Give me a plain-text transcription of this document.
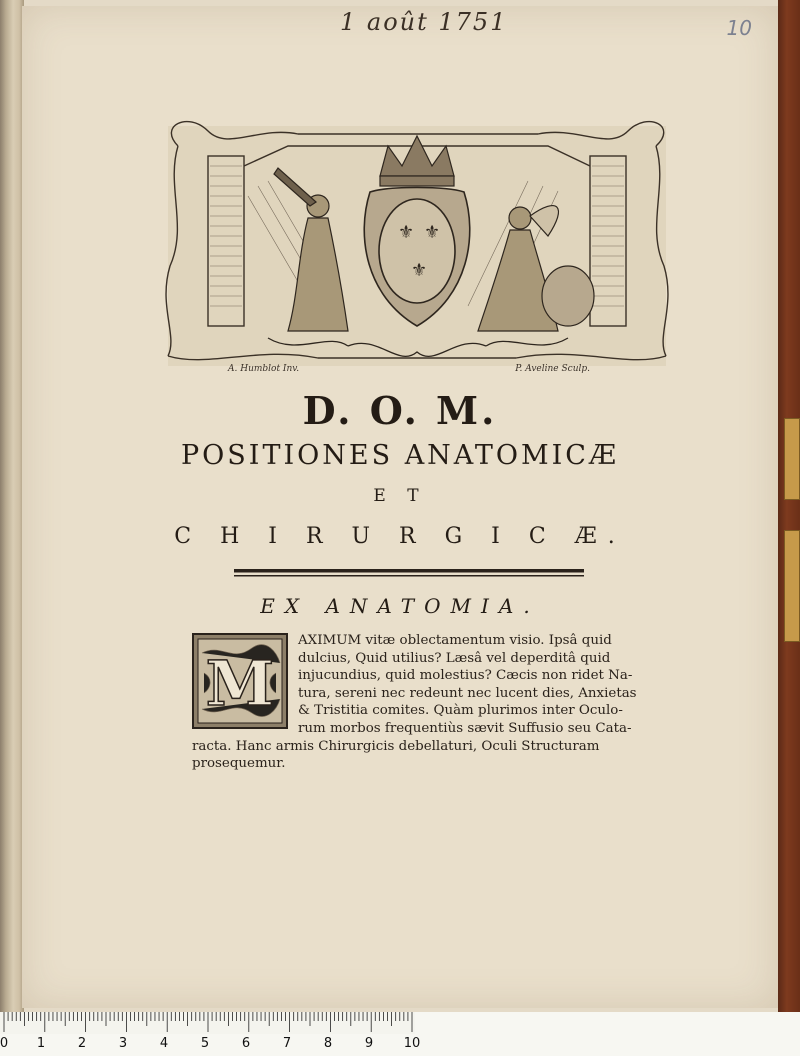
1 août 1751	10
⚜ ⚜
⚜
A. Humblot Inv.	P. Aveline Sculp.
D. O. M.
POSITIONES ANATOMICÆ
E T
C H I R U R G I C Æ.
EX ANATOMIA.
M
AXIMUM vitæ oblectamentum visio. Ipsâ quid
dulcius, Quid utilius? Læsâ vel deperditâ quid
injucundius, quid molestius? Cæcis non ridet Na-
tura, sereni nec redeunt nec lucent dies, Anxietas
& Tristitia comites. Quàm plurimos inter Oculo-
rum morbos frequentiùs sævit Suffusio seu Cata-
racta. Hanc armis Chirurgicis debellaturi, Oculi Structuram
prosequemur.
0 1	2	3	4	5	6	7	8	9 10
